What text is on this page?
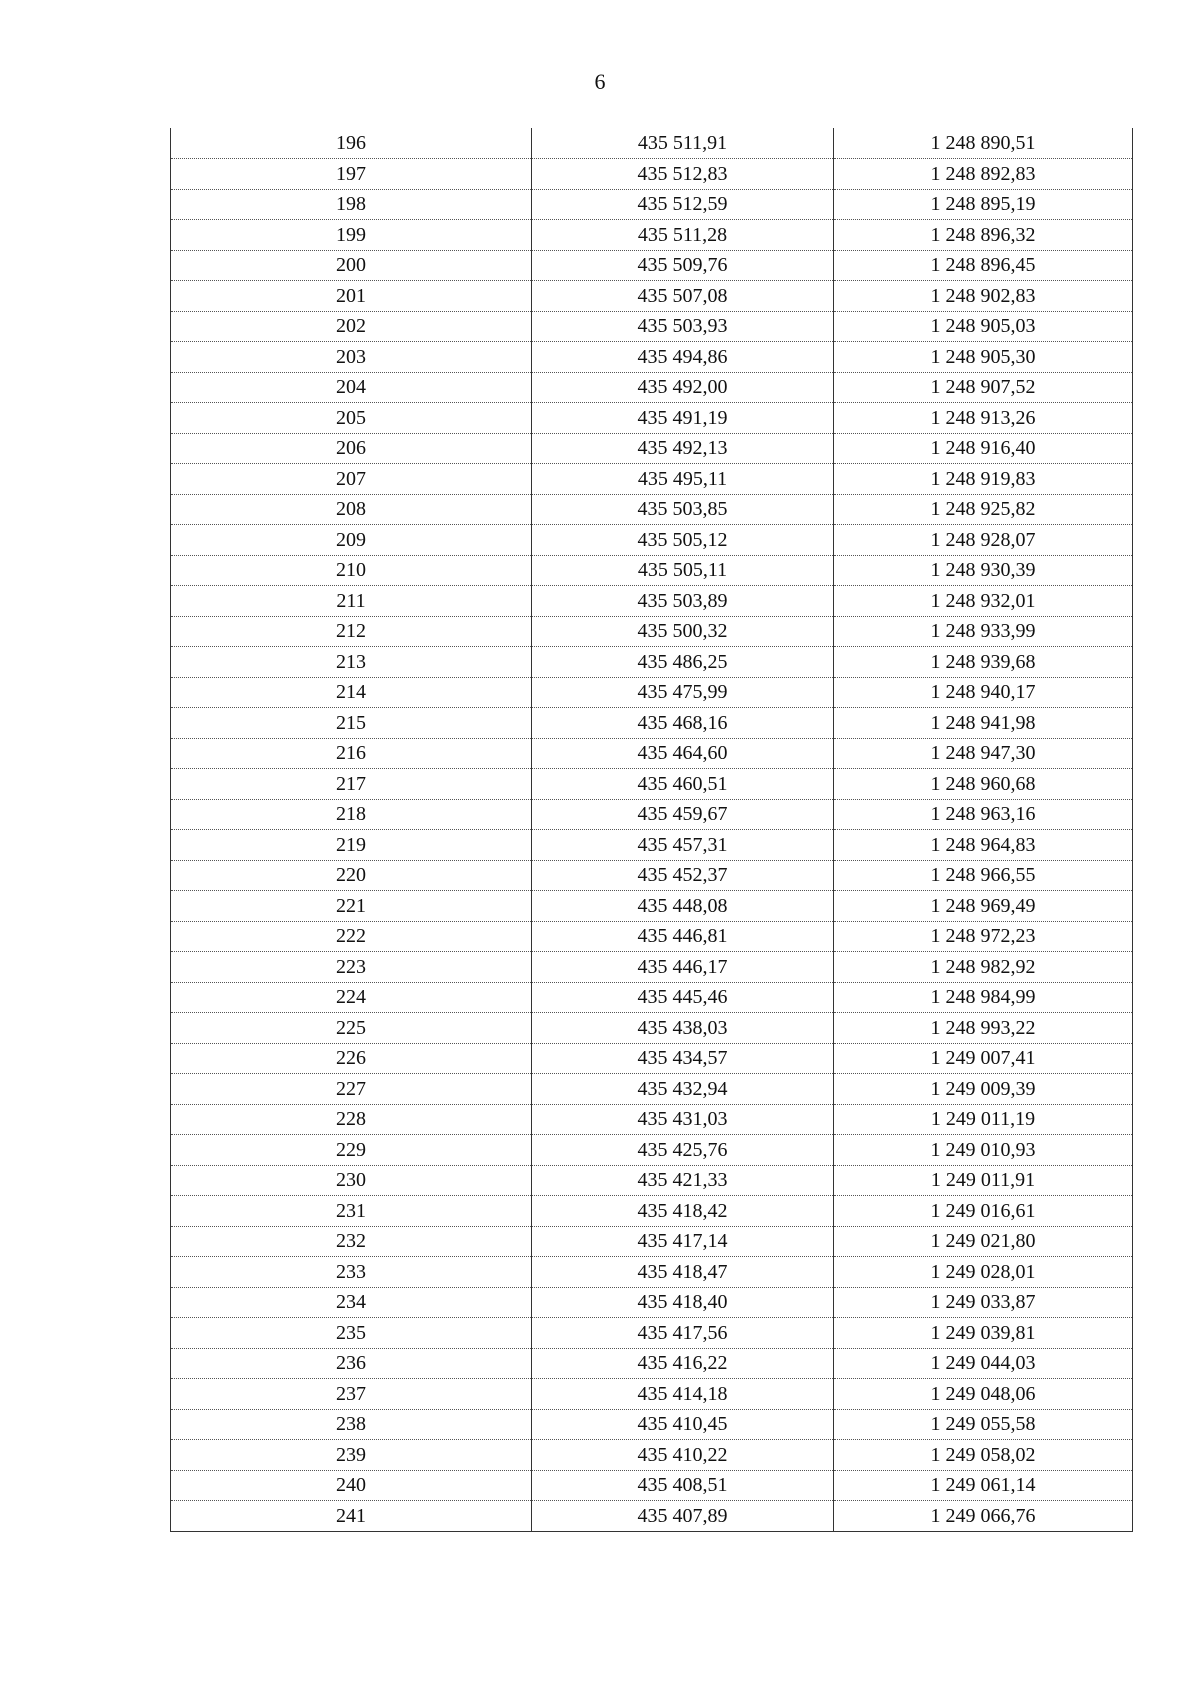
6
196	435 511,91	1 248 890,51
197	435 512,83	1 248 892,83
198	435 512,59	1 248 895,19
199	435 511,28	1 248 896,32
200	435 509,76	1 248 896,45
201	435 507,08	1 248 902,83
202	435 503,93	1 248 905,03
203	435 494,86	1 248 905,30
204	435 492,00	1 248 907,52
205	435 491,19	1 248 913,26
206	435 492,13	1 248 916,40
207	435 495,11	1 248 919,83
208	435 503,85	1 248 925,82
209	435 505,12	1 248 928,07
210	435 505,11	1 248 930,39
211	435 503,89	1 248 932,01
212	435 500,32	1 248 933,99
213	435 486,25	1 248 939,68
214	435 475,99	1 248 940,17
215	435 468,16	1 248 941,98
216	435 464,60	1 248 947,30
217	435 460,51	1 248 960,68
218	435 459,67	1 248 963,16
219	435 457,31	1 248 964,83
220	435 452,37	1 248 966,55
221	435 448,08	1 248 969,49
222	435 446,81	1 248 972,23
223	435 446,17	1 248 982,92
224	435 445,46	1 248 984,99
225	435 438,03	1 248 993,22
226	435 434,57	1 249 007,41
227	435 432,94	1 249 009,39
228	435 431,03	1 249 011,19
229	435 425,76	1 249 010,93
230	435 421,33	1 249 011,91
231	435 418,42	1 249 016,61
232	435 417,14	1 249 021,80
233	435 418,47	1 249 028,01
234	435 418,40	1 249 033,87
235	435 417,56	1 249 039,81
236	435 416,22	1 249 044,03
237	435 414,18	1 249 048,06
238	435 410,45	1 249 055,58
239	435 410,22	1 249 058,02
240	435 408,51	1 249 061,14
241	435 407,89	1 249 066,76
